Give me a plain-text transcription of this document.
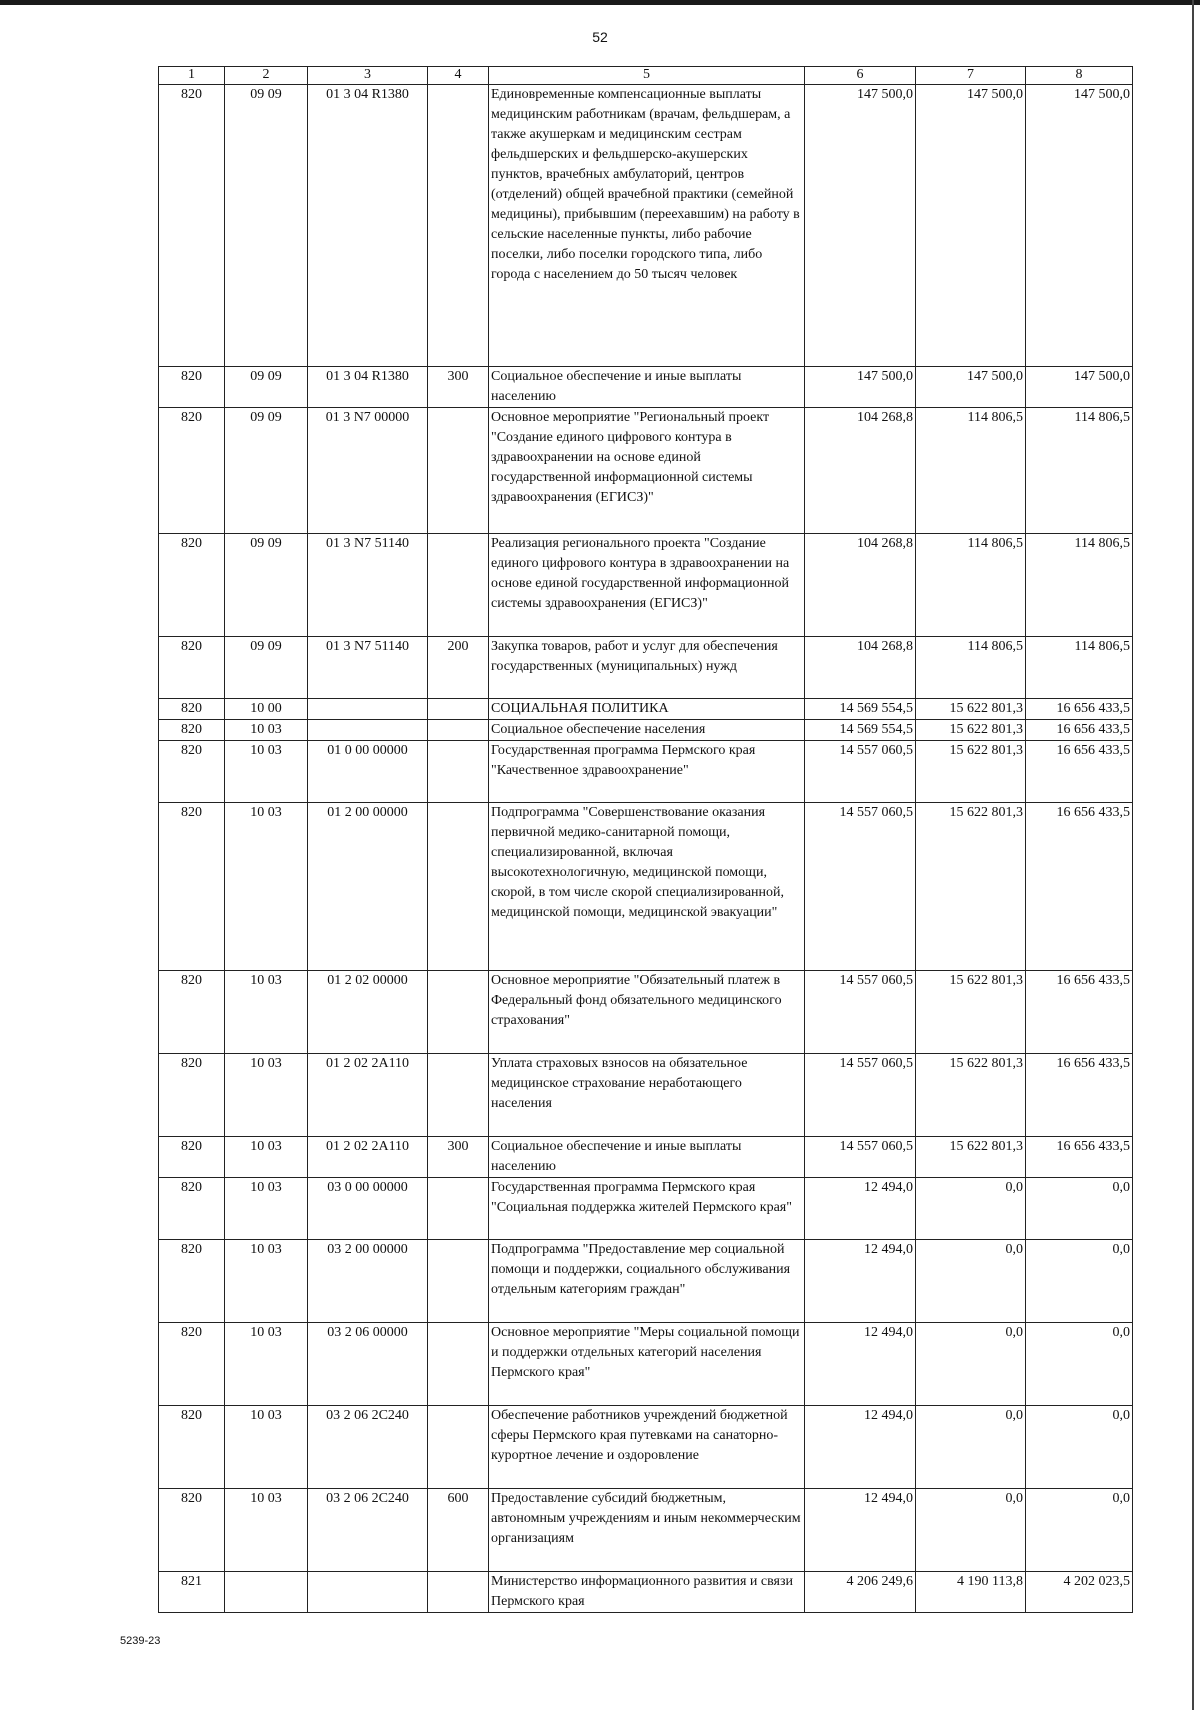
52
1	2	3	4	5	6	7	8
820	09 09	01 3 04 R1380		Единовременные компенсационные выплаты медицинским работникам (врачам, фельдшерам, а также акушеркам и медицинским сестрам фельдшерских и фельдшерско-акушерских пунктов, врачебных амбулаторий, центров (отделений) общей врачебной практики (семейной медицины), прибывшим (переехавшим) на работу в сельские населенные пункты, либо рабочие поселки, либо поселки городского типа, либо города с населением до 50 тысяч человек	147 500,0	147 500,0	147 500,0
820	09 09	01 3 04 R1380	300	Социальное обеспечение и иные выплаты населению	147 500,0	147 500,0	147 500,0
820	09 09	01 3 N7 00000		Основное мероприятие "Региональный проект "Создание единого цифрового контура в здравоохранении на основе единой государственной информационной системы здравоохранения (ЕГИСЗ)"	104 268,8	114 806,5	114 806,5
820	09 09	01 3 N7 51140		Реализация регионального проекта "Создание единого цифрового контура в здравоохранении на основе единой государственной информационной системы здравоохранения (ЕГИСЗ)"	104 268,8	114 806,5	114 806,5
820	09 09	01 3 N7 51140	200	Закупка товаров, работ и услуг для обеспечения государственных (муниципальных) нужд	104 268,8	114 806,5	114 806,5
820	10 00			СОЦИАЛЬНАЯ ПОЛИТИКА	14 569 554,5	15 622 801,3	16 656 433,5
820	10 03			Социальное обеспечение населения	14 569 554,5	15 622 801,3	16 656 433,5
820	10 03	01 0 00 00000		Государственная программа Пермского края "Качественное здравоохранение"	14 557 060,5	15 622 801,3	16 656 433,5
820	10 03	01 2 00 00000		Подпрограмма "Совершенствование оказания первичной медико-санитарной помощи, специализированной, включая высокотехнологичную, медицинской помощи, скорой, в том числе скорой специализированной, медицинской помощи, медицинской эвакуации"	14 557 060,5	15 622 801,3	16 656 433,5
820	10 03	01 2 02 00000		Основное мероприятие "Обязательный платеж в Федеральный фонд обязательного медицинского страхования"	14 557 060,5	15 622 801,3	16 656 433,5
820	10 03	01 2 02 2A110		Уплата страховых взносов на обязательное медицинское страхование неработающего населения	14 557 060,5	15 622 801,3	16 656 433,5
820	10 03	01 2 02 2A110	300	Социальное обеспечение и иные выплаты населению	14 557 060,5	15 622 801,3	16 656 433,5
820	10 03	03 0 00 00000		Государственная программа Пермского края "Социальная поддержка жителей Пермского края"	12 494,0	0,0	0,0
820	10 03	03 2 00 00000		Подпрограмма "Предоставление мер социальной помощи и поддержки, социального обслуживания отдельным категориям граждан"	12 494,0	0,0	0,0
820	10 03	03 2 06 00000		Основное мероприятие "Меры социальной помощи и поддержки отдельных категорий населения Пермского края"	12 494,0	0,0	0,0
820	10 03	03 2 06 2C240		Обеспечение работников учреждений бюджетной сферы Пермского края путевками на санаторно-курортное лечение и оздоровление	12 494,0	0,0	0,0
820	10 03	03 2 06 2C240	600	Предоставление субсидий бюджетным, автономным учреждениям и иным некоммерческим организациям	12 494,0	0,0	0,0
821				Министерство информационного развития и связи Пермского края	4 206 249,6	4 190 113,8	4 202 023,5
5239-23
